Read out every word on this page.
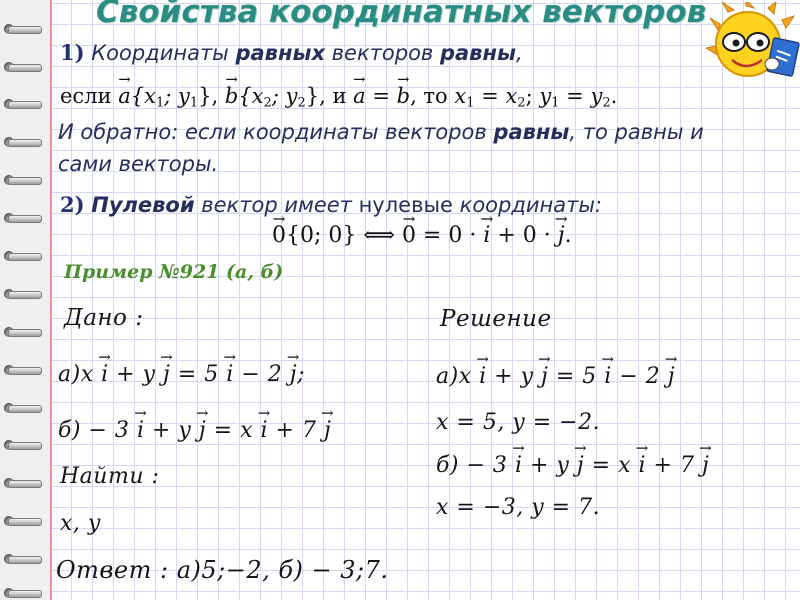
Свойства координатных векторов

1) Координаты равных векторов равны,

если → $a\{x_1$; $y_1$}, → $b\{x_2$; $y_2$}, и → a = → b, то $x_1 = x_2$; $y_1 = y_2$.

И обратно: если координаты векторов равны, то равны и

сами векторы.

2) Пулевой вектор имеет нулевые координаты:

→ 0{0; 0} ⟺ → 0 = 0 · → i + 0 · → j.

Пример №921 (а, б)

Дано :

а)x → i + y → j = 5 → i − 2 → j;

б) − 3 → i + y → j = x → i + 7 → j

Найти :

x, y

Ответ : а)5;−2, б) − 3;7.

Решение

а)x → i + y → j = 5 → i − 2 → j

x = 5, y = −2.

б) − 3 → i + y → j = x → i + 7 → j

x = −3, y = 7.
